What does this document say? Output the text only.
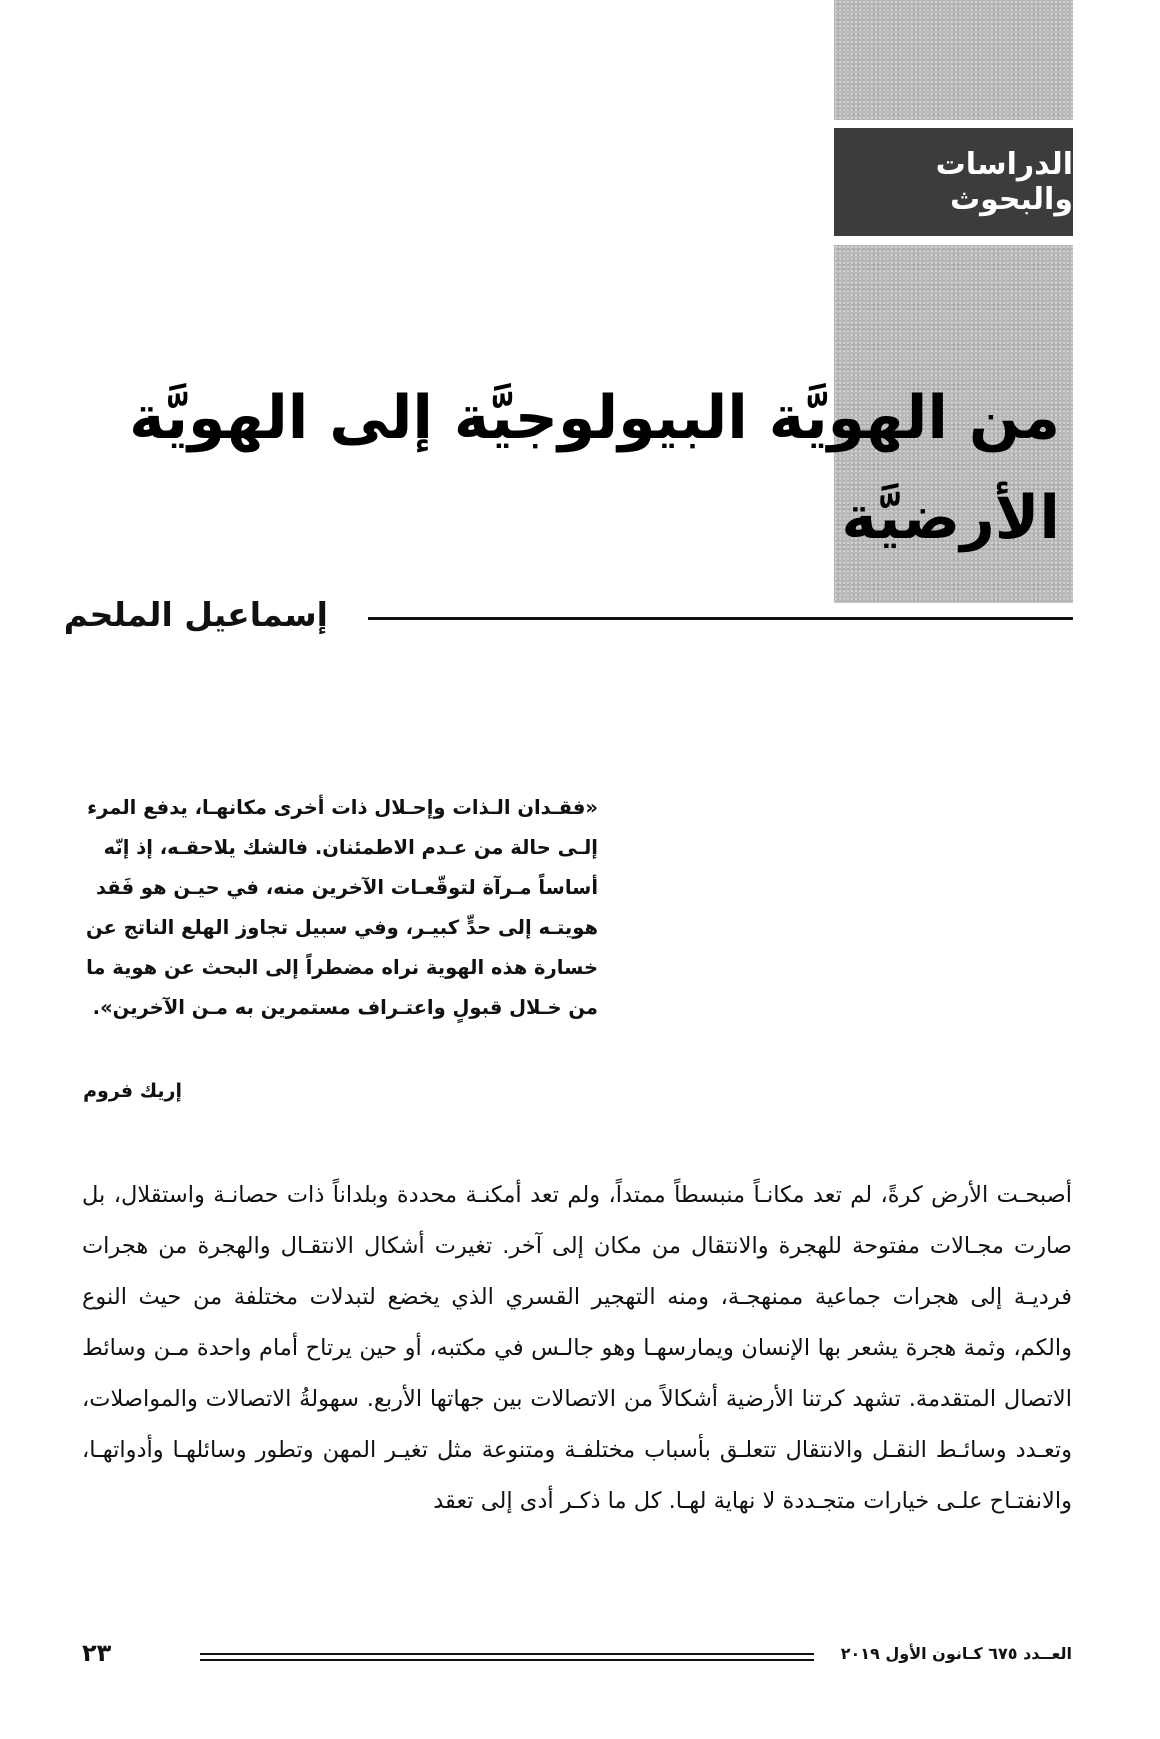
الدراسات والبحوث
من الهويَّة البيولوجيَّة إلى الهويَّة الأرضيَّة

إسماعيل الملحم

«فقـدان الـذات وإحـلال ذات أخرى مكانهـا، يدفع المرء إلـى حالة من عـدم الاطمئنان. فالشك يلاحقـه، إذ إنّه أساساً مـرآة لتوقّعـات الآخرين منه، في حيـن هو فَقد هويتـه إلى حدٍّ كبيـر، وفي سبيل تجاوز الهلع الناتج عن خسارة هذه الهوية نراه مضطراً إلى البحث عن هوية ما من خـلال قبولٍ واعتـراف مستمرين به مـن الآخرين».

إريك فروم

أصبحـت الأرض كرةً، لم تعد مكانـاً منبسطاً ممتداً، ولم تعد أمكنـة محددة وبلداناً ذات حصانـة واستقلال، بل صارت مجـالات مفتوحة للهجرة والانتقال من مكان إلى آخر. تغيرت أشكال الانتقـال والهجرة من هجرات فرديـة إلى هجرات جماعية ممنهجـة، ومنه التهجير القسري الذي يخضع لتبدلات مختلفة من حيث النوع والكم، وثمة هجرة يشعر بها الإنسان ويمارسهـا وهو جالـس في مكتبه، أو حين يرتاح أمام واحدة مـن وسائط الاتصال المتقدمة. تشهد كرتنا الأرضية أشكالاً من الاتصالات بين جهاتها الأربع. سهولةُ الاتصالات والمواصلات، وتعـدد وسائـط النقـل والانتقال تتعلـق بأسباب مختلفـة ومتنوعة مثل تغيـر المهن وتطور وسائلهـا وأدواتهـا، والانفتـاح علـى خيارات متجـددة لا نهاية لهـا. كل ما ذكـر أدى إلى تعقد

العــدد ٦٧٥ كـانون الأول ٢٠١٩

٢٣
